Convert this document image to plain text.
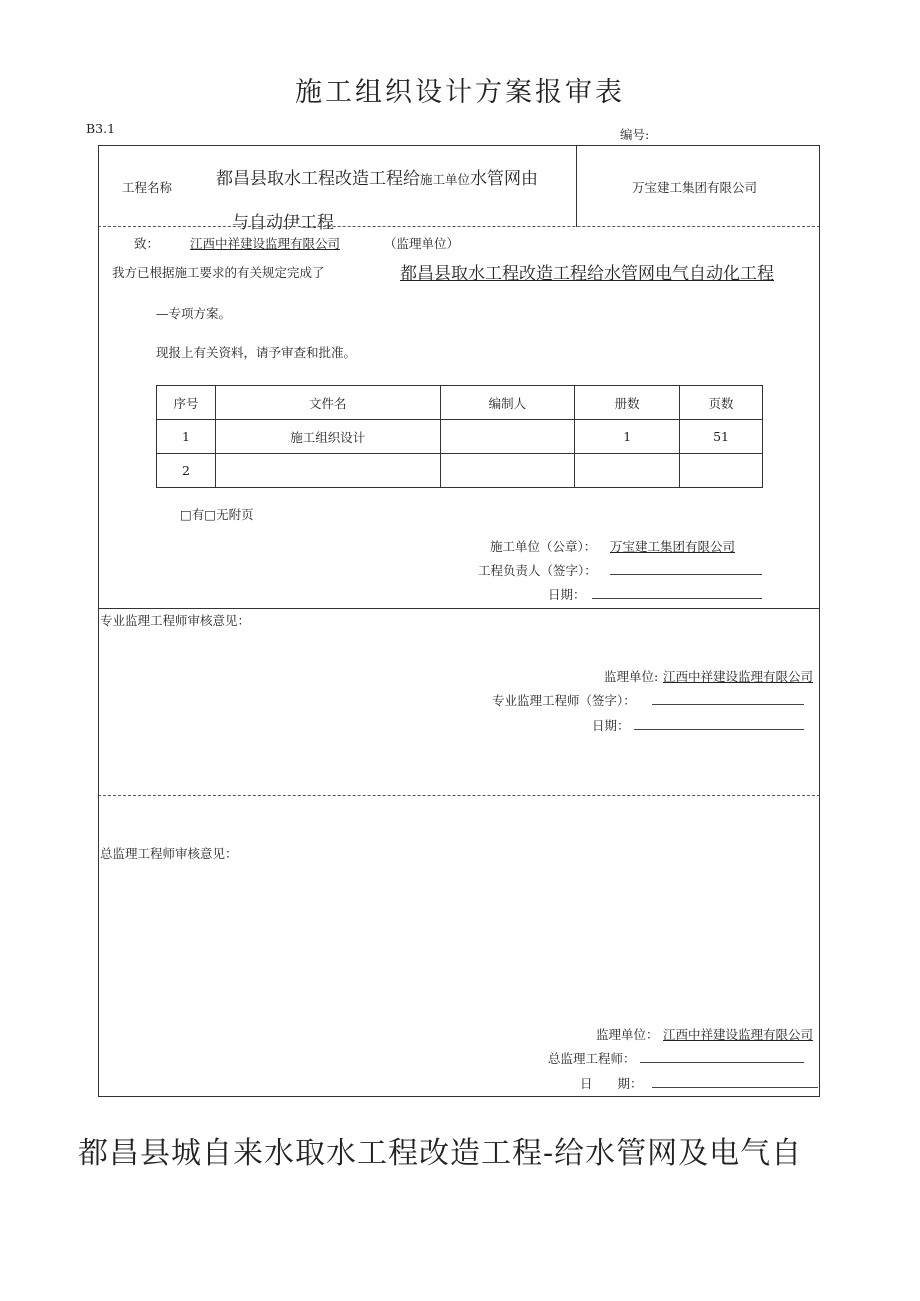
施工组织设计方案报审表
B3.1	编号:
工程名称	都昌县取水工程改造工程给施工单位水管网由
与自动伊工程
万宝建工集团有限公司
致： 江西中祥建设监理有限公司	（监理单位）
我方已根据施工要求的有关规定完成了	都昌县取水工程改造工程给水管网电气自动化工程
—专项方案。
现报上有关资料，请予审查和批准。
序号	文件名	编制人	册数	页数
1	施工组织设计		1	51
2				
□有□无附页
施工单位（公章）： 万宝建工集团有限公司
工程负责人（签字）：
日期：
专业监理工程师审核意见：
监理单位: 江西中祥建设监理有限公司
专业监理工程师（签字）：
日期：
总监理工程师审核意见：
监理单位： 江西中祥建设监理有限公司
总监理工程师：
日　　期：
都昌县城自来水取水工程改造工程-给水管网及电气自
